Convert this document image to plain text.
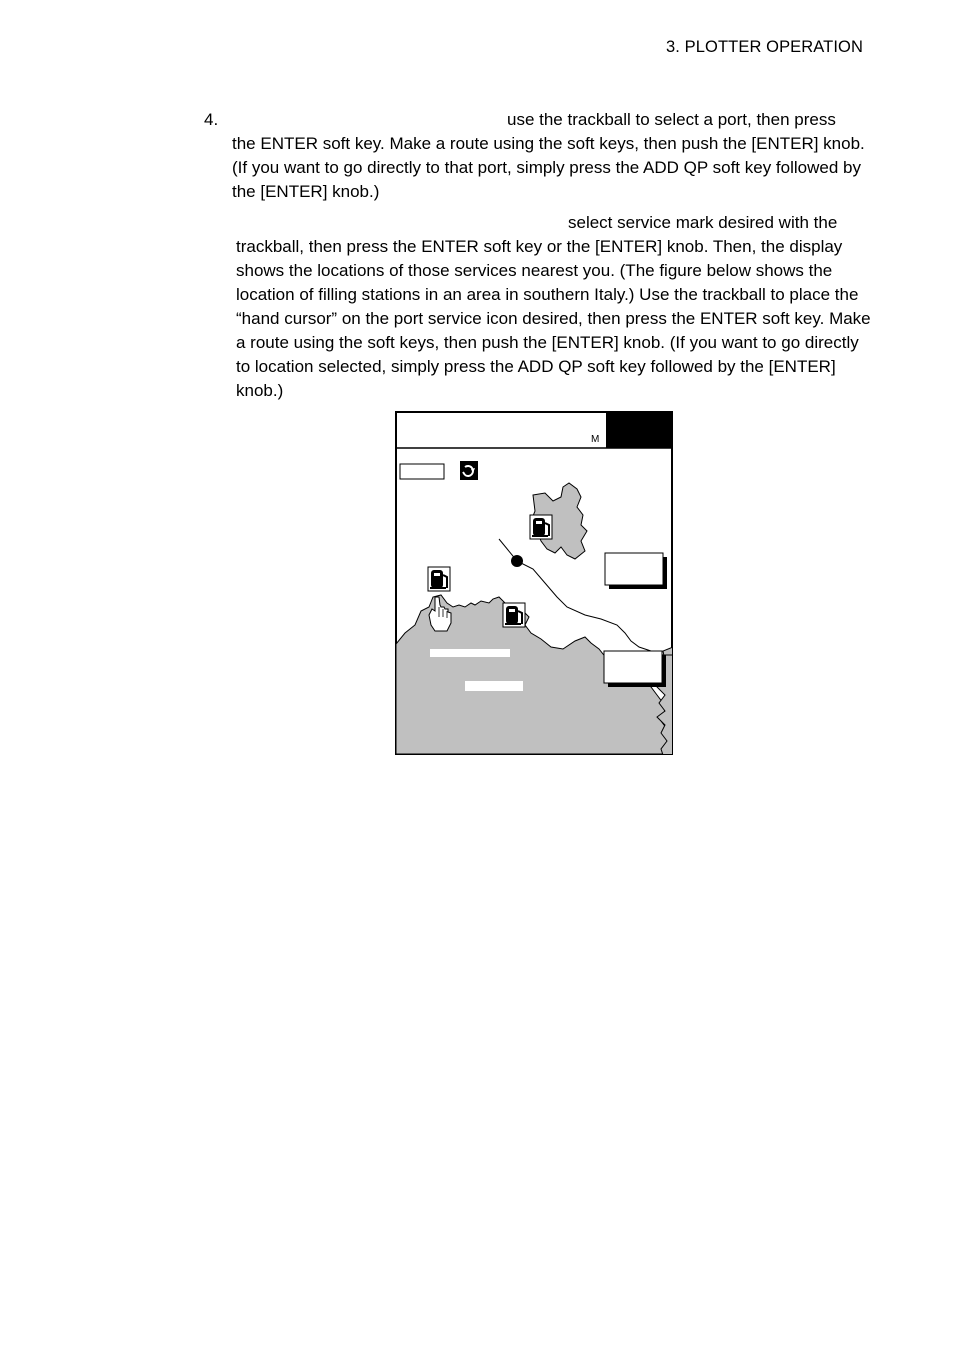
3. PLOTTER OPERATION
4.	use the trackball to select a port, then press
the ENTER soft key. Make a route using the soft keys, then push the [ENTER] knob. (If you want to go directly to that port, simply press the ADD QP soft key followed by the [ENTER] knob.)

select service mark desired with the
trackball, then press the ENTER soft key or the [ENTER] knob. Then, the display shows the locations of those services nearest you. (The figure below shows the location of filling stations in an area in southern Italy.) Use the trackball to place the “hand cursor” on the port service icon desired, then press the ENTER soft key. Make a route using the soft keys, then push the [ENTER] knob. (If you want to go directly to location selected, simply press the ADD QP soft key followed by the [ENTER] knob.)

M
